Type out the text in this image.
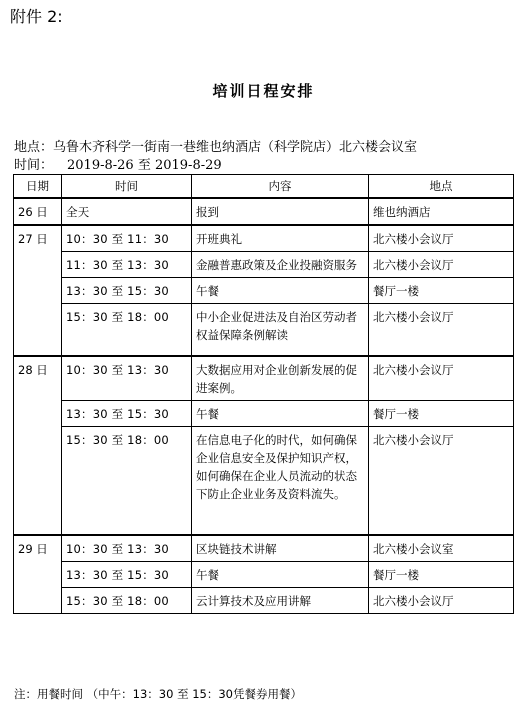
附件 2:
培训日程安排
地点：乌鲁木齐科学一街南一巷维也纳酒店（科学院店）北六楼会议室
时间： 2019-8-26 至 2019-8-29
日期	时间	内容	地点
26 日	全天	报到	维也纳酒店
27 日	10：30 至 11：30	开班典礼	北六楼小会议厅
	11：30 至 13：30	金融普惠政策及企业投融资服务	北六楼小会议厅
	13：30 至 15：30	午餐	餐厅一楼
	15：30 至 18：00	中小企业促进法及自治区劳动者权益保障条例解读	北六楼小会议厅
28 日	10：30 至 13：30	大数据应用对企业创新发展的促进案例。	北六楼小会议厅
	13：30 至 15：30	午餐	餐厅一楼
	15：30 至 18：00	在信息电子化的时代，如何确保企业信息安全及保护知识产权，如何确保在企业人员流动的状态下防止企业业务及资料流失。	北六楼小会议厅
29 日	10：30 至 13：30	区块链技术讲解	北六楼小会议室
	13：30 至 15：30	午餐	餐厅一楼
	15：30 至 18：00	云计算技术及应用讲解	北六楼小会议厅
注：用餐时间 （中午：13：30 至 15：30凭餐券用餐）
